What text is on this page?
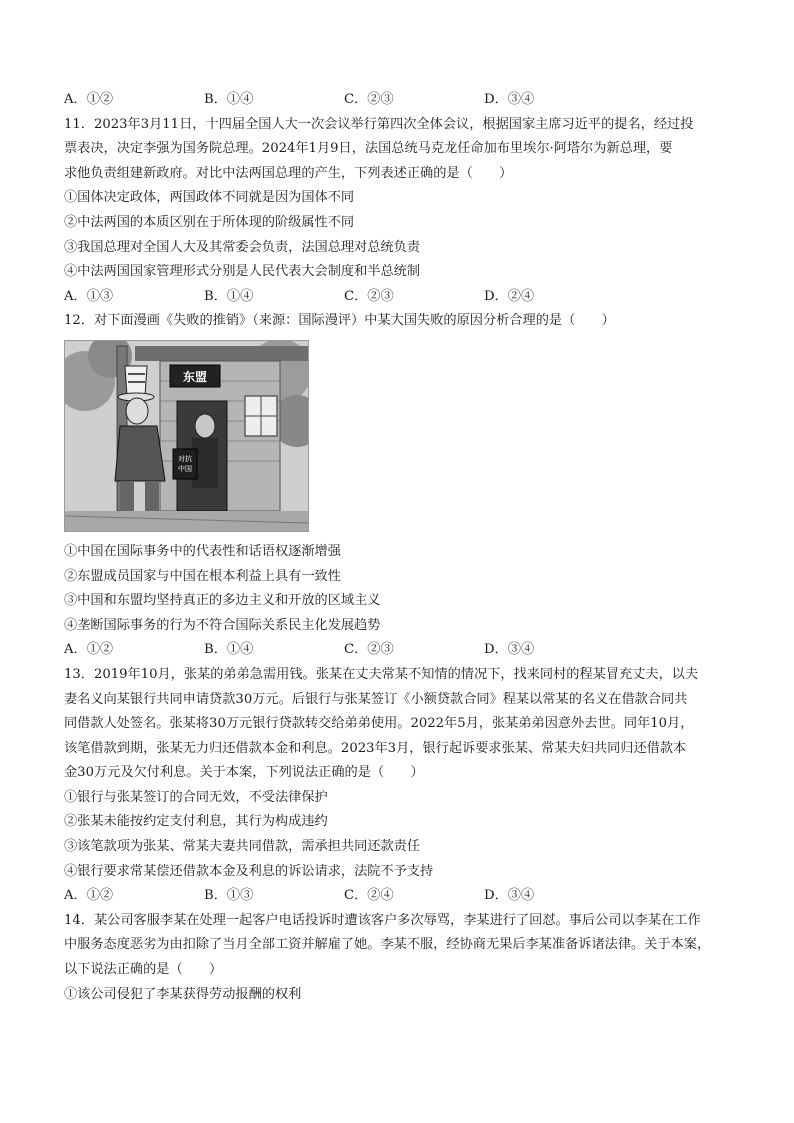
A．①②	B．①④	C．②③	D．③④
11．2023年3月11日，十四届全国人大一次会议举行第四次全体会议，根据国家主席习近平的提名，经过投
票表决，决定李强为国务院总理。2024年1月9日，法国总统马克龙任命加布里埃尔·阿塔尔为新总理，要
求他负责组建新政府。对比中法两国总理的产生，下列表述正确的是（　　）
①国体决定政体，两国政体不同就是因为国体不同
②中法两国的本质区别在于所体现的阶级属性不同
③我国总理对全国人大及其常委会负责，法国总理对总统负责
④中法两国国家管理形式分别是人民代表大会制度和半总统制
A．①③	B．①④	C．②③	D．②④
12．对下面漫画《失败的推销》（来源：国际漫评）中某大国失败的原因分析合理的是（　　）
东盟
对抗
中国
①中国在国际事务中的代表性和话语权逐渐增强
②东盟成员国家与中国在根本利益上具有一致性
③中国和东盟均坚持真正的多边主义和开放的区域主义
④垄断国际事务的行为不符合国际关系民主化发展趋势
A．①②	B．①④	C．②③	D．③④
13．2019年10月，张某的弟弟急需用钱。张某在丈夫常某不知情的情况下，找来同村的程某冒充丈夫，以夫
妻名义向某银行共同申请贷款30万元。后银行与张某签订《小额贷款合同》程某以常某的名义在借款合同共
同借款人处签名。张某将30万元银行贷款转交给弟弟使用。2022年5月，张某弟弟因意外去世。同年10月，
该笔借款到期，张某无力归还借款本金和利息。2023年3月，银行起诉要求张某、常某夫妇共同归还借款本
金30万元及欠付利息。关于本案，下列说法正确的是（　　）
①银行与张某签订的合同无效，不受法律保护
②张某未能按约定支付利息，其行为构成违约
③该笔款项为张某、常某夫妻共同借款，需承担共同还款责任
④银行要求常某偿还借款本金及利息的诉讼请求，法院不予支持
A．①②	B．①③	C．②④	D．③④
14．某公司客服李某在处理一起客户电话投诉时遭该客户多次辱骂，李某进行了回怼。事后公司以李某在工作
中服务态度恶劣为由扣除了当月全部工资并解雇了她。李某不服，经协商无果后李某准备诉诸法律。关于本案，
以下说法正确的是（　　）
①该公司侵犯了李某获得劳动报酬的权利
